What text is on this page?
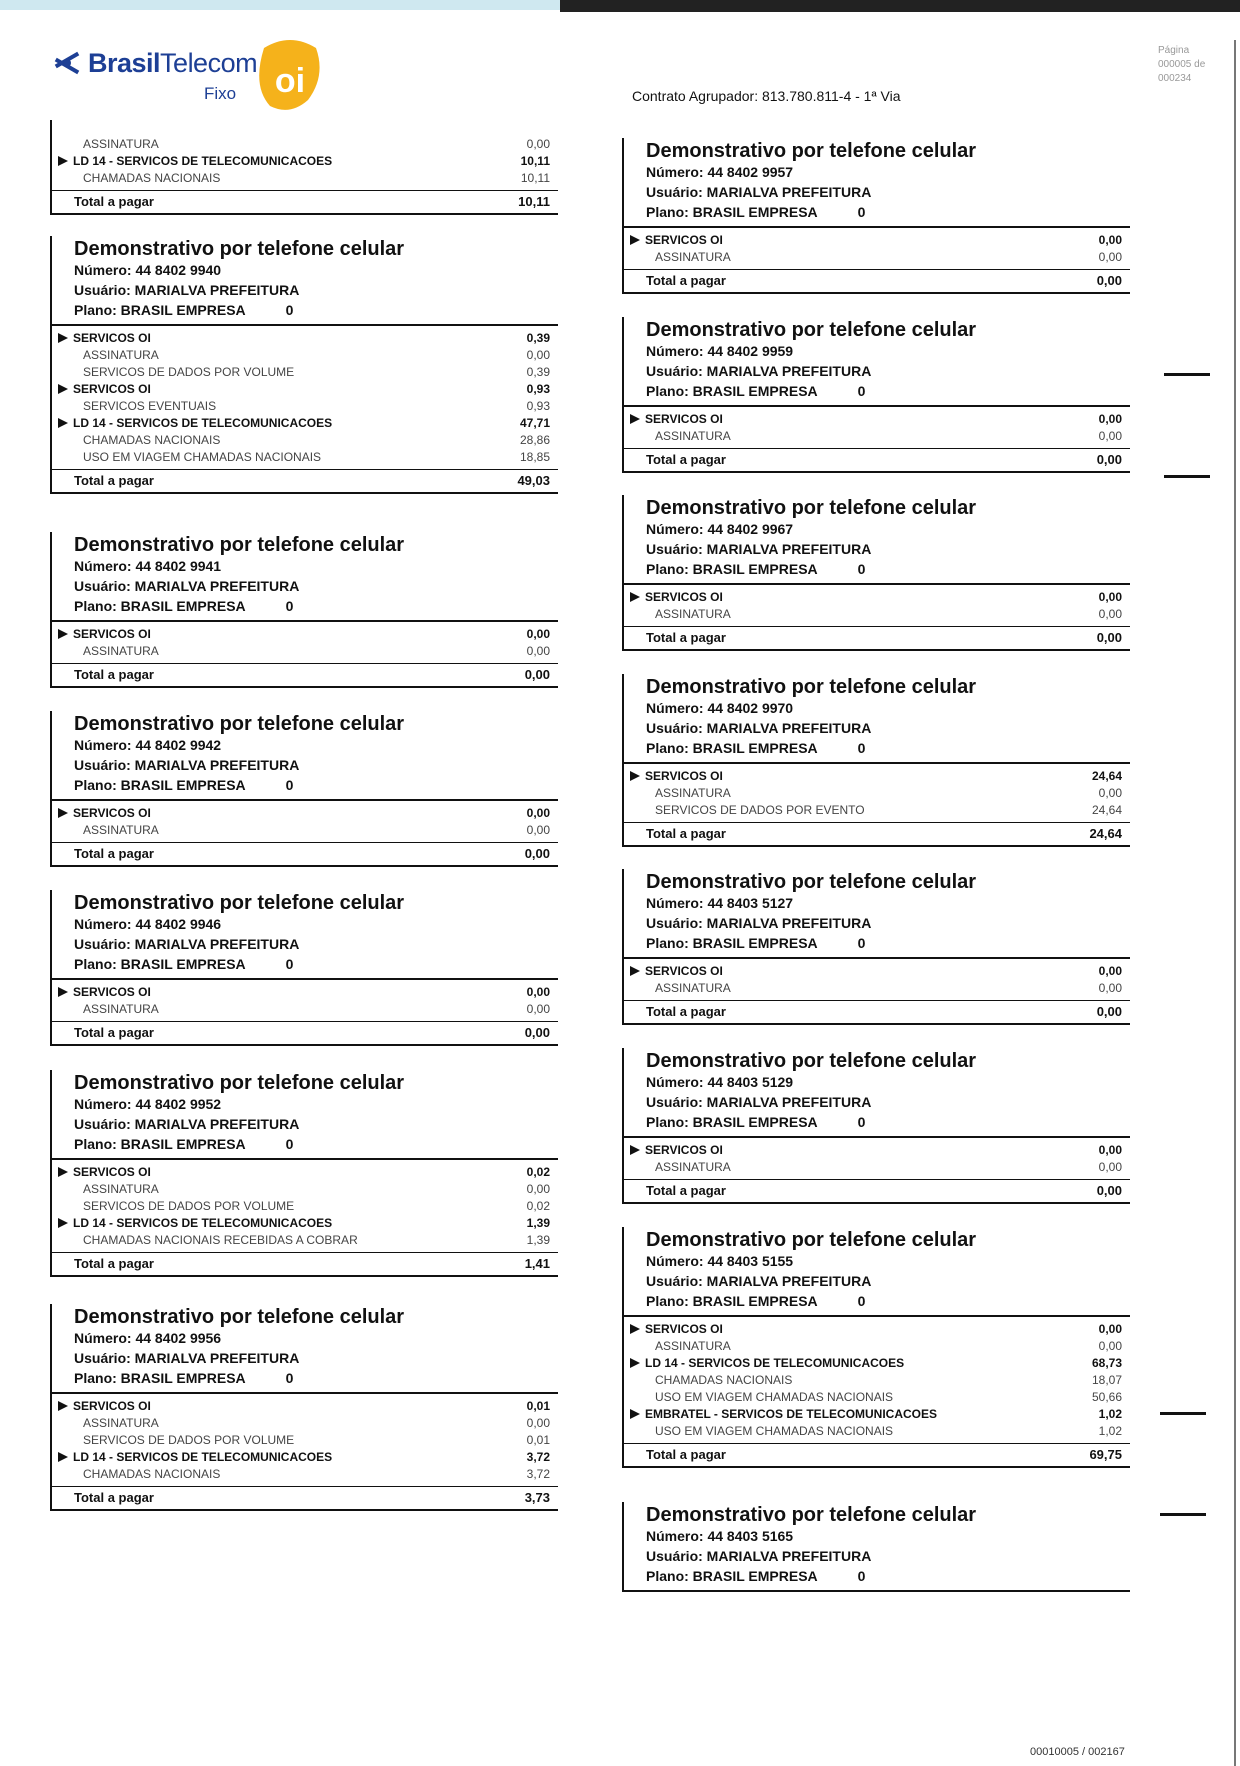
BrasilTelecom
Fixo	oi	Contrato Agrupador: 813.780.811-4 - 1ª Via
Página
000005 de
000234
ASSINATURA	0,00
LD 14 - SERVICOS DE TELECOMUNICACOES	10,11
CHAMADAS NACIONAIS	10,11
Total a pagar	10,11
Demonstrativo por telefone celular
Número: 44 8402 9940
Usuário: MARIALVA PREFEITURA
Plano: BRASIL EMPRESA	0
SERVICOS OI	0,39
ASSINATURA	0,00
SERVICOS DE DADOS POR VOLUME	0,39
SERVICOS OI	0,93
SERVICOS EVENTUAIS	0,93
LD 14 - SERVICOS DE TELECOMUNICACOES	47,71
CHAMADAS NACIONAIS	28,86
USO EM VIAGEM CHAMADAS NACIONAIS	18,85
Total a pagar	49,03
Demonstrativo por telefone celular
Número: 44 8402 9941
Usuário: MARIALVA PREFEITURA
Plano: BRASIL EMPRESA	0
SERVICOS OI	0,00
ASSINATURA	0,00
Total a pagar	0,00
Demonstrativo por telefone celular
Número: 44 8402 9942
Usuário: MARIALVA PREFEITURA
Plano: BRASIL EMPRESA	0
SERVICOS OI	0,00
ASSINATURA	0,00
Total a pagar	0,00
Demonstrativo por telefone celular
Número: 44 8402 9946
Usuário: MARIALVA PREFEITURA
Plano: BRASIL EMPRESA	0
SERVICOS OI	0,00
ASSINATURA	0,00
Total a pagar	0,00
Demonstrativo por telefone celular
Número: 44 8402 9952
Usuário: MARIALVA PREFEITURA
Plano: BRASIL EMPRESA	0
SERVICOS OI	0,02
ASSINATURA	0,00
SERVICOS DE DADOS POR VOLUME	0,02
LD 14 - SERVICOS DE TELECOMUNICACOES	1,39
CHAMADAS NACIONAIS RECEBIDAS A COBRAR	1,39
Total a pagar	1,41
Demonstrativo por telefone celular
Número: 44 8402 9956
Usuário: MARIALVA PREFEITURA
Plano: BRASIL EMPRESA	0
SERVICOS OI	0,01
ASSINATURA	0,00
SERVICOS DE DADOS POR VOLUME	0,01
LD 14 - SERVICOS DE TELECOMUNICACOES	3,72
CHAMADAS NACIONAIS	3,72
Total a pagar	3,73
Demonstrativo por telefone celular
Número: 44 8402 9957
Usuário: MARIALVA PREFEITURA
Plano: BRASIL EMPRESA	0
SERVICOS OI	0,00
ASSINATURA	0,00
Total a pagar	0,00
Demonstrativo por telefone celular
Número: 44 8402 9959
Usuário: MARIALVA PREFEITURA
Plano: BRASIL EMPRESA	0
SERVICOS OI	0,00
ASSINATURA	0,00
Total a pagar	0,00
Demonstrativo por telefone celular
Número: 44 8402 9967
Usuário: MARIALVA PREFEITURA
Plano: BRASIL EMPRESA	0
SERVICOS OI	0,00
ASSINATURA	0,00
Total a pagar	0,00
Demonstrativo por telefone celular
Número: 44 8402 9970
Usuário: MARIALVA PREFEITURA
Plano: BRASIL EMPRESA	0
SERVICOS OI	24,64
ASSINATURA	0,00
SERVICOS DE DADOS POR EVENTO	24,64
Total a pagar	24,64
Demonstrativo por telefone celular
Número: 44 8403 5127
Usuário: MARIALVA PREFEITURA
Plano: BRASIL EMPRESA	0
SERVICOS OI	0,00
ASSINATURA	0,00
Total a pagar	0,00
Demonstrativo por telefone celular
Número: 44 8403 5129
Usuário: MARIALVA PREFEITURA
Plano: BRASIL EMPRESA	0
SERVICOS OI	0,00
ASSINATURA	0,00
Total a pagar	0,00
Demonstrativo por telefone celular
Número: 44 8403 5155
Usuário: MARIALVA PREFEITURA
Plano: BRASIL EMPRESA	0
SERVICOS OI	0,00
ASSINATURA	0,00
LD 14 - SERVICOS DE TELECOMUNICACOES	68,73
CHAMADAS NACIONAIS	18,07
USO EM VIAGEM CHAMADAS NACIONAIS	50,66
EMBRATEL - SERVICOS DE TELECOMUNICACOES	1,02
USO EM VIAGEM CHAMADAS NACIONAIS	1,02
Total a pagar	69,75
Demonstrativo por telefone celular
Número: 44 8403 5165
Usuário: MARIALVA PREFEITURA
Plano: BRASIL EMPRESA	0
00010005 / 002167
